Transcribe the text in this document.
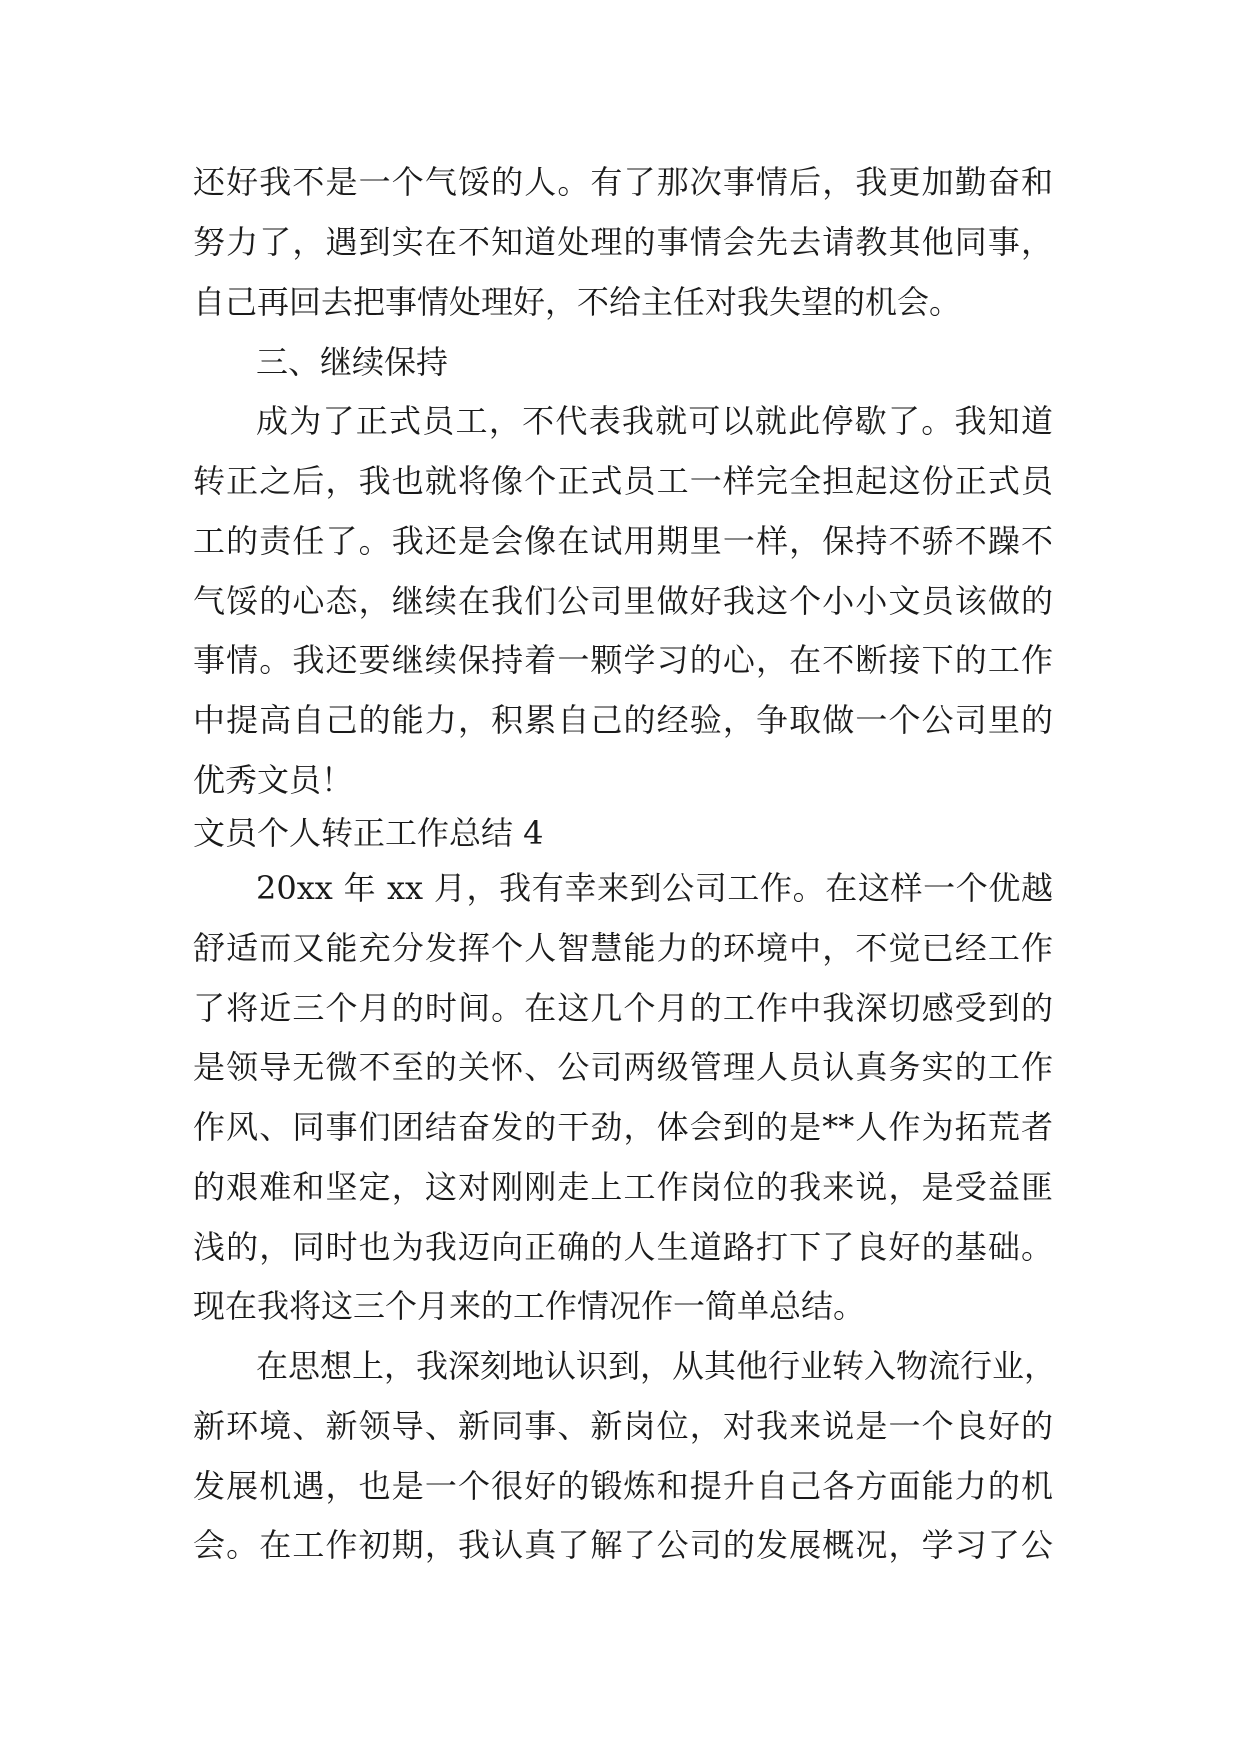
还好我不是一个气馁的人。有了那次事情后，我更加勤奋和
努力了，遇到实在不知道处理的事情会先去请教其他同事，
自己再回去把事情处理好，不给主任对我失望的机会。
三、继续保持
成为了正式员工，不代表我就可以就此停歇了。我知道
转正之后，我也就将像个正式员工一样完全担起这份正式员
工的责任了。我还是会像在试用期里一样，保持不骄不躁不
气馁的心态，继续在我们公司里做好我这个小小文员该做的
事情。我还要继续保持着一颗学习的心，在不断接下的工作
中提高自己的能力，积累自己的经验，争取做一个公司里的
优秀文员！
文员个人转正工作总结 4
20xx 年 xx 月，我有幸来到公司工作。在这样一个优越
舒适而又能充分发挥个人智慧能力的环境中，不觉已经工作
了将近三个月的时间。在这几个月的工作中我深切感受到的
是领导无微不至的关怀、公司两级管理人员认真务实的工作
作风、同事们团结奋发的干劲，体会到的是**人作为拓荒者
的艰难和坚定，这对刚刚走上工作岗位的我来说，是受益匪
浅的，同时也为我迈向正确的人生道路打下了良好的基础。
现在我将这三个月来的工作情况作一简单总结。
在思想上，我深刻地认识到，从其他行业转入物流行业，
新环境、新领导、新同事、新岗位，对我来说是一个良好的
发展机遇，也是一个很好的锻炼和提升自己各方面能力的机
会。在工作初期，我认真了解了公司的发展概况，学习了公
